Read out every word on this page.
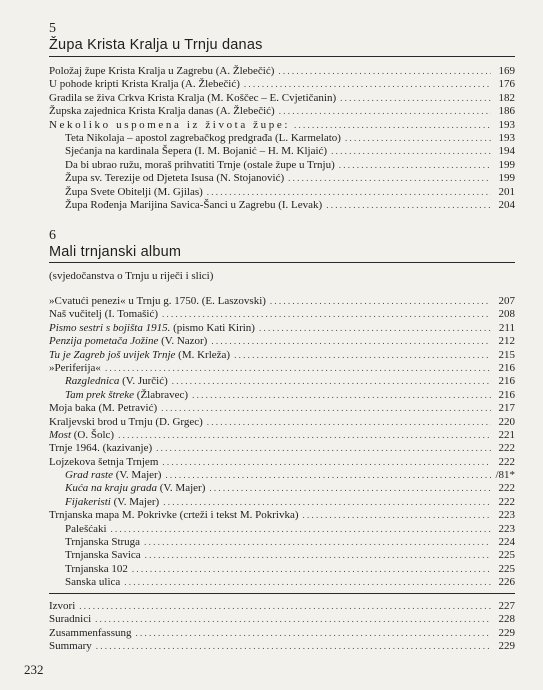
5
Župa Krista Kralja u Trnju danas
Položaj župe Krista Kralja u Zagrebu (A. Žlebečić) . . .	169
U pohode kripti Krista Kralja (A. Žlebečić) . . .	176
Gradila se živa Crkva Krista Kralja (M. Koščec – E. Cvjetičanin) . . .	182
Župska zajednica Krista Kralja danas (A. Žlebečić) . . .	186
Nekoliko uspomena iz života župe: . . .	193
Teta Nikolaja – apostol zagrebačkog predgrađa (L. Karmelato) . . .	193
Sjećanja na kardinala Šepera (I. M. Bojanić – H. M. Kljaić) . . .	194
Da bi ubrao ružu, moraš prihvatiti Trnje (ostale župe u Trnju) . . .	199
Župa sv. Terezije od Djeteta Isusa (N. Stojanović) . . .	199
Župa Svete Obitelji (M. Gjilas) . . .	201
Župa Rođenja Marijina Savica-Šanci u Zagrebu (I. Levak) . . .	204
6
Mali trnjanski album
(svjedočanstva o Trnju u riječi i slici)
»Cvatući penezi« u Trnju g. 1750. (E. Laszovski) . . .	207
Naš vučitelj (I. Tomašić) . . .	208
Pismo sestri s bojišta 1915. (pismo Kati Kirin) . . .	211
Penzija pometača Jožine (V. Nazor) . . .	212
Tu je Zagreb još uvijek Trnje (M. Krleža) . . .	215
»Periferija« . . .	216
Razglednica (V. Jurčić) . . .	216
Tam prek štreke (Žlabravec) . . .	216
Moja baka (M. Petravić) . . .	217
Kraljevski brod u Trnju (D. Grgec) . . .	220
Most (O. Šolc) . . .	221
Trnje 1964. (kazivanje) . . .	222
Lojzekova šetnja Trnjem . . .	222
Grad raste (V. Majer) . . .	/81*
Kuća na kraju grada (V. Majer) . . .	222
Fijakeristi (V. Majer) . . .	222
Trnjanska mapa M. Pokrivke (crteži i tekst M. Pokrivka) . . .	223
Palešćaki . . .	223
Trnjanska Struga . . .	224
Trnjanska Savica . . .	225
Trnjanska 102 . . .	225
Sanska ulica . . .	226
Izvori . . .	227
Suradnici . . .	228
Zusammenfassung . . .	229
Summary . . .	229
232
